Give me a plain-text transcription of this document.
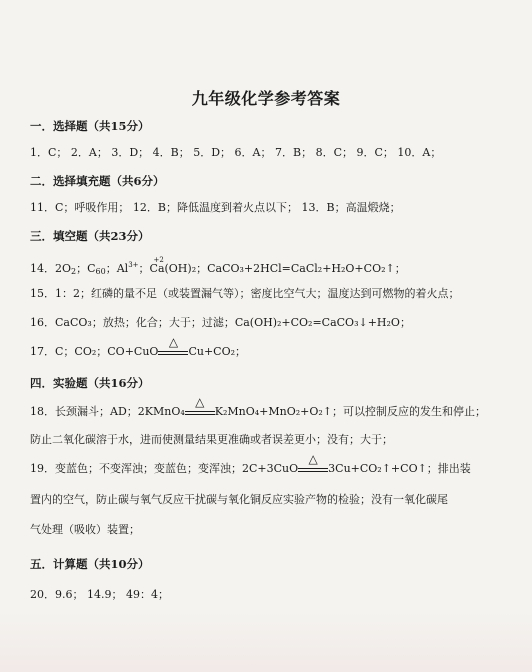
九年级化学参考答案
一．选择题（共15分）
1．C； 2．A； 3．D； 4．B； 5．D； 6．A； 7．B； 8．C； 9．C； 10．A；
二．选择填充题（共6分）
11．C；呼吸作用； 12．B；降低温度到着火点以下； 13．B；高温煅烧；
三．填空题（共23分）
14．$2O_2$；$C_{60}$；$Al^{3+}$；
+2
Ca(OH)₂；CaCO₃+2HCl=CaCl₂+H₂O+CO₂↑；
15．1：2；红磷的量不足（或装置漏气等）；密度比空气大；温度达到可燃物的着火点；
16．CaCO₃；放热；化合；大于；过滤；Ca(OH)₂+CO₂=CaCO₃↓+H₂O；
17．C；CO₂；CO+CuO
△
Cu+CO₂；
四．实验题（共16分）
18．长颈漏斗；AD；2KMnO₄
△
K₂MnO₄+MnO₂+O₂↑；可以控制反应的发生和停止；
防止二氧化碳溶于水，进而使测量结果更准确或者误差更小；没有；大于；
19．变蓝色；不变浑浊；变蓝色；变浑浊；2C+3CuO
△
3Cu+CO₂↑+CO↑；排出装
置内的空气，防止碳与氧气反应干扰碳与氧化铜反应实验产物的检验；没有一氧化碳尾
气处理（吸收）装置；
五．计算题（共10分）
20．9.6； 14.9； 49：4；
